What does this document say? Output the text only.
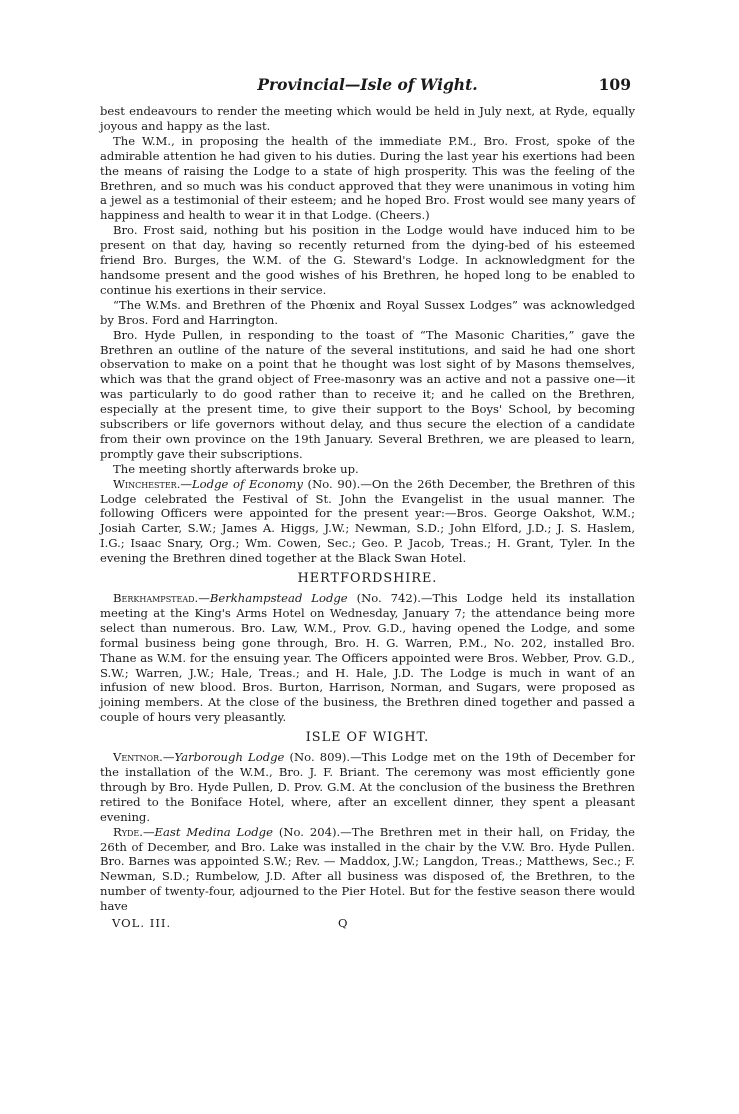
Provincial—Isle of Wight.	109

best endeavours to render the meeting which would be held in July next, at Ryde, equally joyous and happy as the last.

The W.M., in proposing the health of the immediate P.M., Bro. Frost, spoke of the admirable attention he had given to his duties. During the last year his exertions had been the means of raising the Lodge to a state of high prosperity. This was the feeling of the Brethren, and so much was his conduct approved that they were unanimous in voting him a jewel as a testimonial of their esteem; and he hoped Bro. Frost would see many years of happiness and health to wear it in that Lodge. (Cheers.)

Bro. Frost said, nothing but his position in the Lodge would have induced him to be present on that day, having so recently returned from the dying-bed of his esteemed friend Bro. Burges, the W.M. of the G. Steward's Lodge. In acknowledgment for the handsome present and the good wishes of his Brethren, he hoped long to be enabled to continue his exertions in their service.

“The W.Ms. and Brethren of the Phœnix and Royal Sussex Lodges” was acknowledged by Bros. Ford and Harrington.

Bro. Hyde Pullen, in responding to the toast of “The Masonic Charities,” gave the Brethren an outline of the nature of the several institutions, and said he had one short observation to make on a point that he thought was lost sight of by Masons themselves, which was that the grand object of Free-masonry was an active and not a passive one—it was particularly to do good rather than to receive it; and he called on the Brethren, especially at the present time, to give their support to the Boys' School, by becoming subscribers or life governors without delay, and thus secure the election of a candidate from their own province on the 19th January. Several Brethren, we are pleased to learn, promptly gave their subscriptions.

The meeting shortly afterwards broke up.

Winchester.—Lodge of Economy (No. 90).—On the 26th December, the Brethren of this Lodge celebrated the Festival of St. John the Evangelist in the usual manner. The following Officers were appointed for the present year:—Bros. George Oakshot, W.M.; Josiah Carter, S.W.; James A. Higgs, J.W.; Newman, S.D.; John Elford, J.D.; J. S. Haslem, I.G.; Isaac Snary, Org.; Wm. Cowen, Sec.; Geo. P. Jacob, Treas.; H. Grant, Tyler. In the evening the Brethren dined together at the Black Swan Hotel.

HERTFORDSHIRE.

Berkhampstead.—Berkhampstead Lodge (No. 742).—This Lodge held its installation meeting at the King's Arms Hotel on Wednesday, January 7; the attendance being more select than numerous. Bro. Law, W.M., Prov. G.D., having opened the Lodge, and some formal business being gone through, Bro. H. G. Warren, P.M., No. 202, installed Bro. Thane as W.M. for the ensuing year. The Officers appointed were Bros. Webber, Prov. G.D., S.W.; Warren, J.W.; Hale, Treas.; and H. Hale, J.D. The Lodge is much in want of an infusion of new blood. Bros. Burton, Harrison, Norman, and Sugars, were proposed as joining members. At the close of the business, the Brethren dined together and passed a couple of hours very pleasantly.

ISLE OF WIGHT.

Ventnor.—Yarborough Lodge (No. 809).—This Lodge met on the 19th of December for the installation of the W.M., Bro. J. F. Briant. The ceremony was most efficiently gone through by Bro. Hyde Pullen, D. Prov. G.M. At the conclusion of the business the Brethren retired to the Boniface Hotel, where, after an excellent dinner, they spent a pleasant evening.

Ryde.—East Medina Lodge (No. 204).—The Brethren met in their hall, on Friday, the 26th of December, and Bro. Lake was installed in the chair by the V.W. Bro. Hyde Pullen. Bro. Barnes was appointed S.W.; Rev. — Maddox, J.W.; Langdon, Treas.; Matthews, Sec.; F. Newman, S.D.; Rumbelow, J.D. After all business was disposed of, the Brethren, to the number of twenty-four, adjourned to the Pier Hotel. But for the festive season there would have

VOL. III.	Q
